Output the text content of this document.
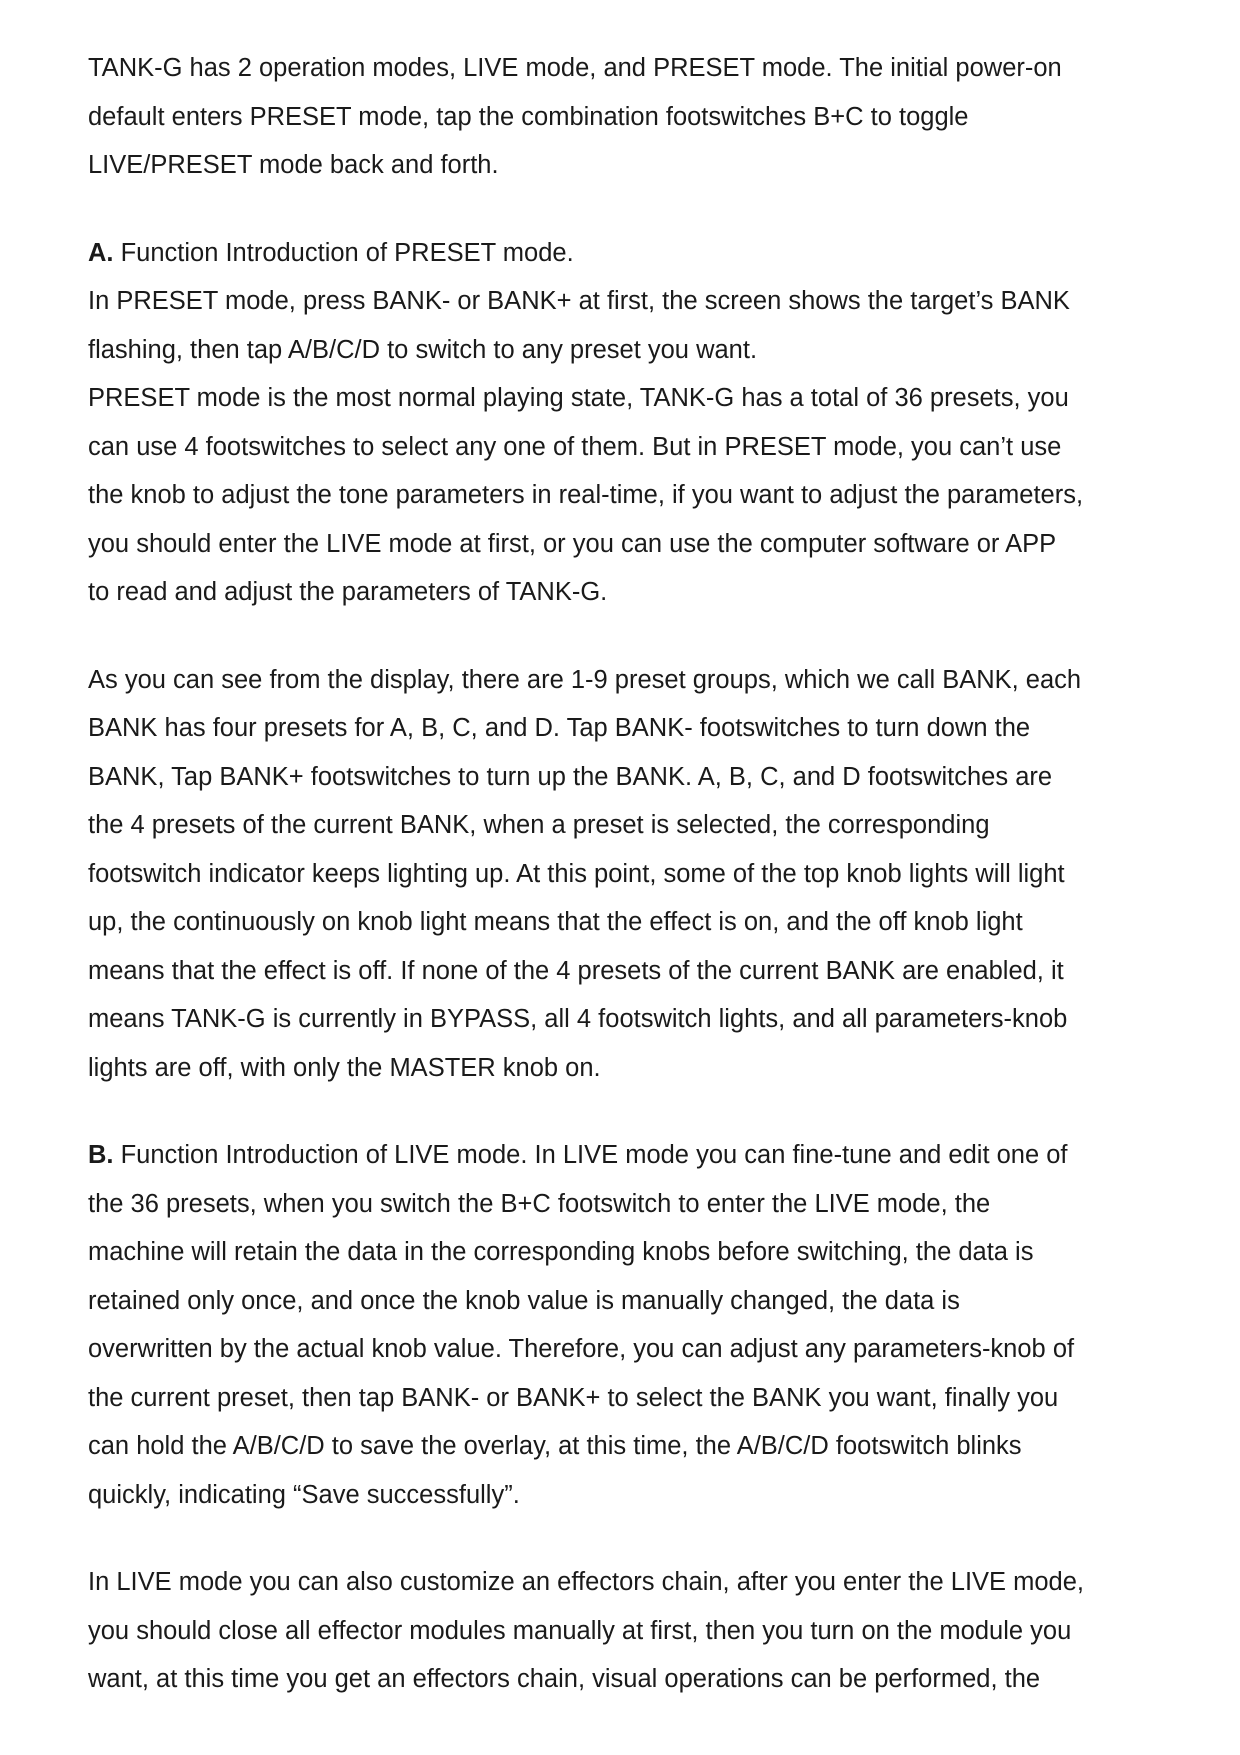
TANK-G has 2 operation modes, LIVE mode, and PRESET mode. The initial power-on
default enters PRESET mode, tap the combination footswitches B+C to toggle
LIVE/PRESET mode back and forth.

A. Function Introduction of PRESET mode.
In PRESET mode, press BANK- or BANK+ at first, the screen shows the target’s BANK
flashing, then tap A/B/C/D to switch to any preset you want.
PRESET mode is the most normal playing state, TANK-G has a total of 36 presets, you
can use 4 footswitches to select any one of them. But in PRESET mode, you can’t use
the knob to adjust the tone parameters in real-time, if you want to adjust the parameters,
you should enter the LIVE mode at first, or you can use the computer software or APP
to read and adjust the parameters of TANK-G.

As you can see from the display, there are 1-9 preset groups, which we call BANK, each
BANK has four presets for A, B, C, and D. Tap BANK- footswitches to turn down the
BANK, Tap BANK+ footswitches to turn up the BANK. A, B, C, and D footswitches are
the 4 presets of the current BANK, when a preset is selected, the corresponding
footswitch indicator keeps lighting up. At this point, some of the top knob lights will light
up, the continuously on knob light means that the effect is on, and the off knob light
means that the effect is off. If none of the 4 presets of the current BANK are enabled, it
means TANK-G is currently in BYPASS, all 4 footswitch lights, and all parameters-knob
lights are off, with only the MASTER knob on.

B. Function Introduction of LIVE mode. In LIVE mode you can fine-tune and edit one of
the 36 presets, when you switch the B+C footswitch to enter the LIVE mode, the
machine will retain the data in the corresponding knobs before switching, the data is
retained only once, and once the knob value is manually changed, the data is
overwritten by the actual knob value. Therefore, you can adjust any parameters-knob of
the current preset, then tap BANK- or BANK+ to select the BANK you want, finally you
can hold the A/B/C/D to save the overlay, at this time, the A/B/C/D footswitch blinks
quickly, indicating “Save successfully”.

In LIVE mode you can also customize an effectors chain, after you enter the LIVE mode,
you should close all effector modules manually at first, then you turn on the module you
want, at this time you get an effectors chain, visual operations can be performed, the
